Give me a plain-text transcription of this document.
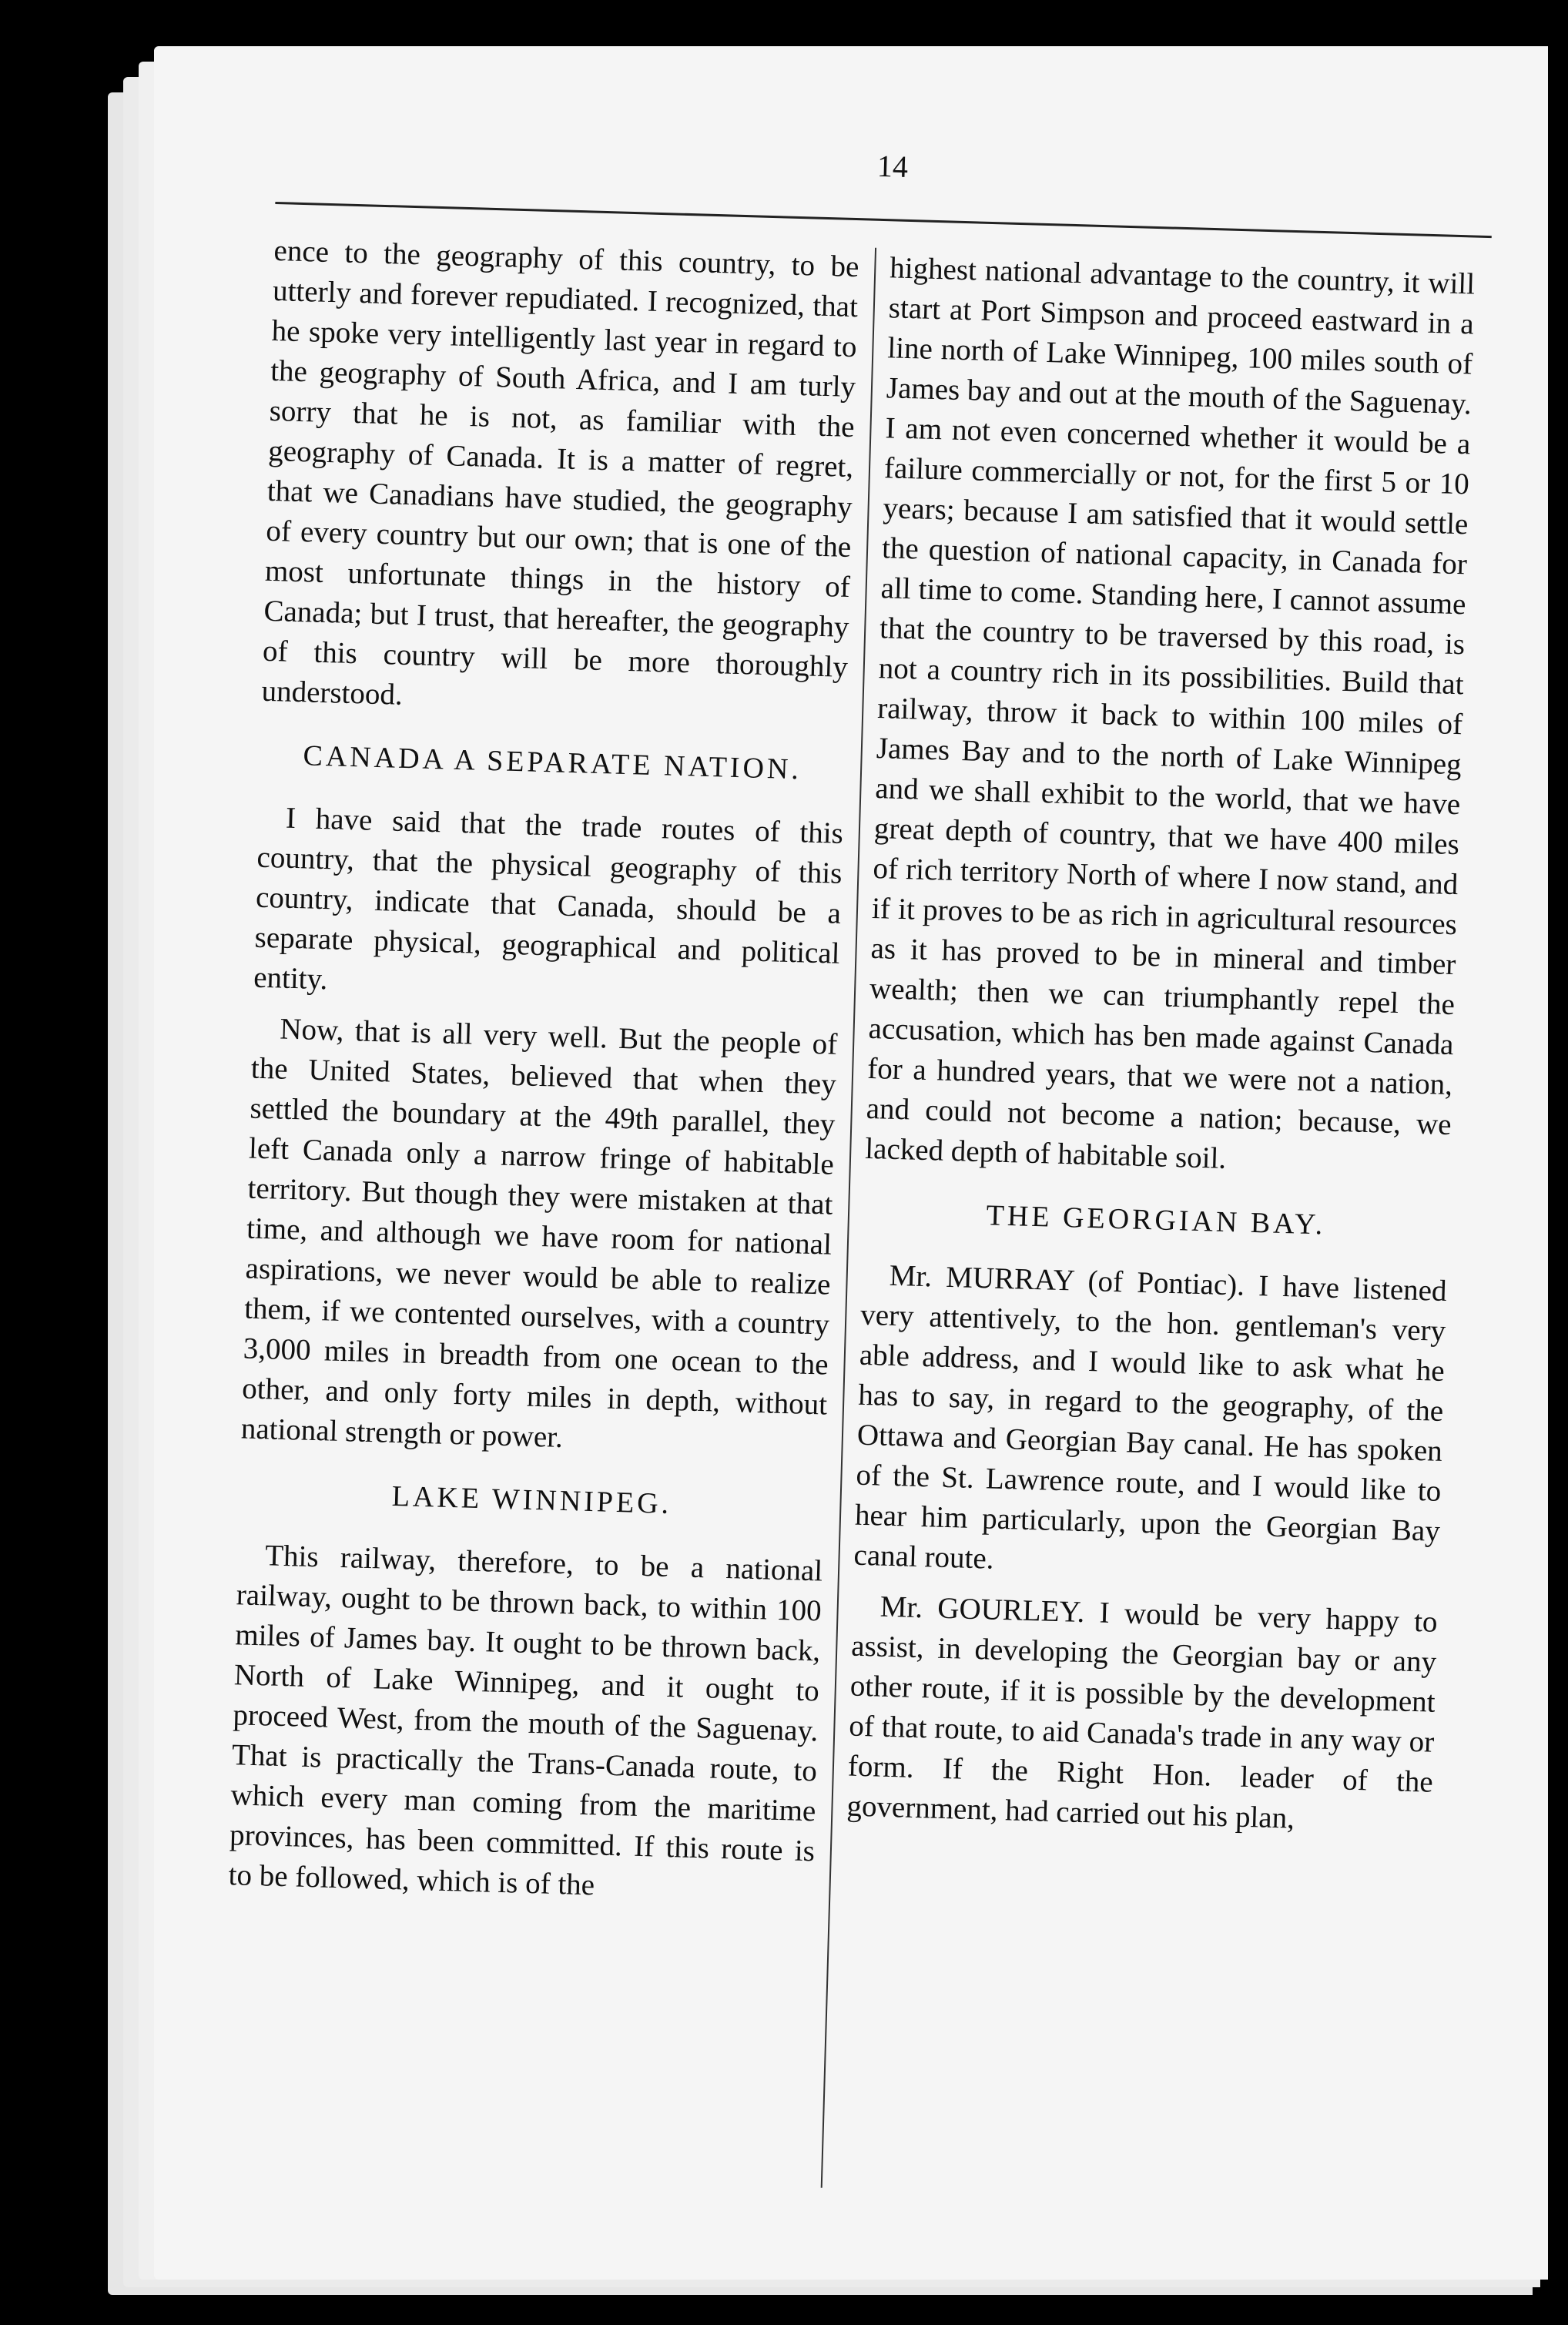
14

ence to the geography of this country, to be utterly and forever repudiated. I recognized, that he spoke very intelligently last year in regard to the geography of South Africa, and I am turly sorry that he is not, as familiar with the geography of Canada. It is a matter of regret, that we Canadians have studied, the geography of every country but our own; that is one of the most unfortunate things in the history of Canada; but I trust, that hereafter, the geography of this country will be more thoroughly understood.

CANADA A SEPARATE NATION.

I have said that the trade routes of this country, that the physical geography of this country, indicate that Canada, should be a separate physical, geographical and political entity.

Now, that is all very well. But the people of the United States, believed that when they settled the boundary at the 49th parallel, they left Canada only a narrow fringe of habitable territory. But though they were mistaken at that time, and although we have room for national aspirations, we never would be able to realize them, if we contented ourselves, with a country 3,000 miles in breadth from one ocean to the other, and only forty miles in depth, without national strength or power.

LAKE WINNIPEG.

This railway, therefore, to be a national railway, ought to be thrown back, to within 100 miles of James bay. It ought to be thrown back, North of Lake Winnipeg, and it ought to proceed West, from the mouth of the Saguenay. That is practically the Trans-Canada route, to which every man coming from the maritime provinces, has been committed. If this route is to be followed, which is of the

highest national advantage to the country, it will start at Port Simpson and proceed eastward in a line north of Lake Winnipeg, 100 miles south of James bay and out at the mouth of the Saguenay. I am not even concerned whether it would be a failure commercially or not, for the first 5 or 10 years; because I am satisfied that it would settle the question of national capacity, in Canada for all time to come. Standing here, I cannot assume that the country to be traversed by this road, is not a country rich in its possibilities. Build that railway, throw it back to within 100 miles of James Bay and to the north of Lake Winnipeg and we shall exhibit to the world, that we have great depth of country, that we have 400 miles of rich territory North of where I now stand, and if it proves to be as rich in agricultural resources as it has proved to be in mineral and timber wealth; then we can triumphantly repel the accusation, which has ben made against Canada for a hundred years, that we were not a nation, and could not become a nation; because, we lacked depth of habitable soil.

THE GEORGIAN BAY.

Mr. MURRAY (of Pontiac). I have listened very attentively, to the hon. gentleman's very able address, and I would like to ask what he has to say, in regard to the geography, of the Ottawa and Georgian Bay canal. He has spoken of the St. Lawrence route, and I would like to hear him particularly, upon the Georgian Bay canal route.

Mr. GOURLEY. I would be very happy to assist, in developing the Georgian bay or any other route, if it is possible by the development of that route, to aid Canada's trade in any way or form. If the Right Hon. leader of the government, had carried out his plan,
